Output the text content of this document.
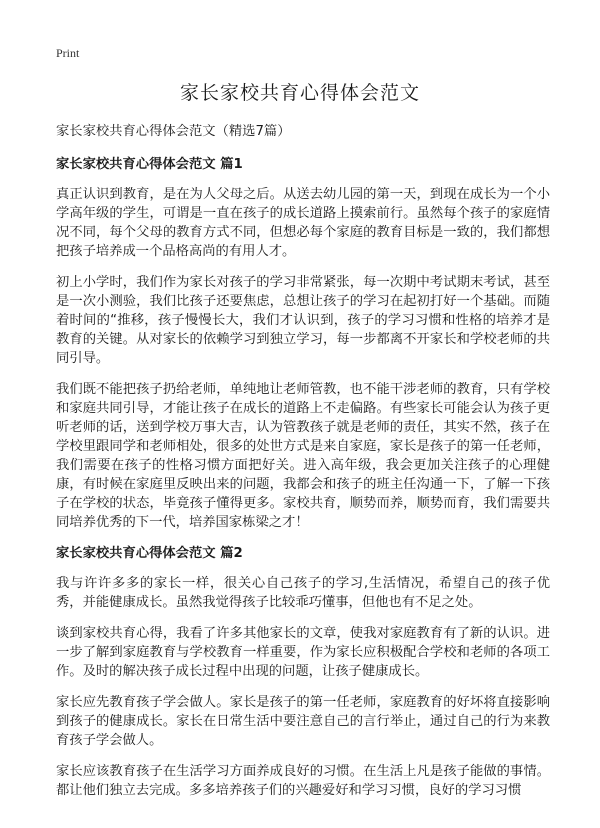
Print
家长家校共育心得体会范文

家长家校共育心得体会范文（精选7篇）

家长家校共育心得体会范文 篇1

真正认识到教育，是在为人父母之后。从送去幼儿园的第一天，到现在成长为一个小学高年级的学生，可谓是一直在孩子的成长道路上摸索前行。虽然每个孩子的家庭情况不同，每个父母的教育方式不同，但想必每个家庭的教育目标是一致的，我们都想把孩子培养成一个品格高尚的有用人才。

初上小学时，我们作为家长对孩子的学习非常紧张，每一次期中考试期末考试，甚至是一次小测验，我们比孩子还要焦虑，总想让孩子的学习在起初打好一个基础。而随着时间的“推移，孩子慢慢长大，我们才认识到，孩子的学习习惯和性格的培养才是教育的关键。从对家长的依赖学习到独立学习，每一步都离不开家长和学校老师的共同引导。

我们既不能把孩子扔给老师，单纯地让老师管教，也不能干涉老师的教育，只有学校和家庭共同引导，才能让孩子在成长的道路上不走偏路。有些家长可能会认为孩子更听老师的话，送到学校万事大吉，认为管教孩子就是老师的责任，其实不然，孩子在学校里跟同学和老师相处，很多的处世方式是来自家庭，家长是孩子的第一任老师，我们需要在孩子的性格习惯方面把好关。进入高年级，我会更加关注孩子的心理健康，有时候在家庭里反映出来的问题，我都会和孩子的班主任沟通一下，了解一下孩子在学校的状态，毕竟孩子懂得更多。家校共育，顺势而养，顺势而育，我们需要共同培养优秀的下一代，培养国家栋梁之才！

家长家校共育心得体会范文 篇2

我与许许多多的家长一样，很关心自己孩子的学习,生活情况，希望自己的孩子优秀，并能健康成长。虽然我觉得孩子比较乖巧懂事，但他也有不足之处。

谈到家校共育心得，我看了许多其他家长的文章，使我对家庭教育有了新的认识。进一步了解到家庭教育与学校教育一样重要，作为家长应积极配合学校和老师的各项工作。及时的解决孩子成长过程中出现的问题，让孩子健康成长。

家长应先教育孩子学会做人。家长是孩子的第一任老师，家庭教育的好坏将直接影响到孩子的健康成长。家长在日常生活中要注意自己的言行举止，通过自己的行为来教育孩子学会做人。

家长应该教育孩子在生活学习方面养成良好的习惯。在生活上凡是孩子能做的事情。都让他们独立去完成。多多培养孩子们的兴趣爱好和学习习惯，良好的学习习惯
